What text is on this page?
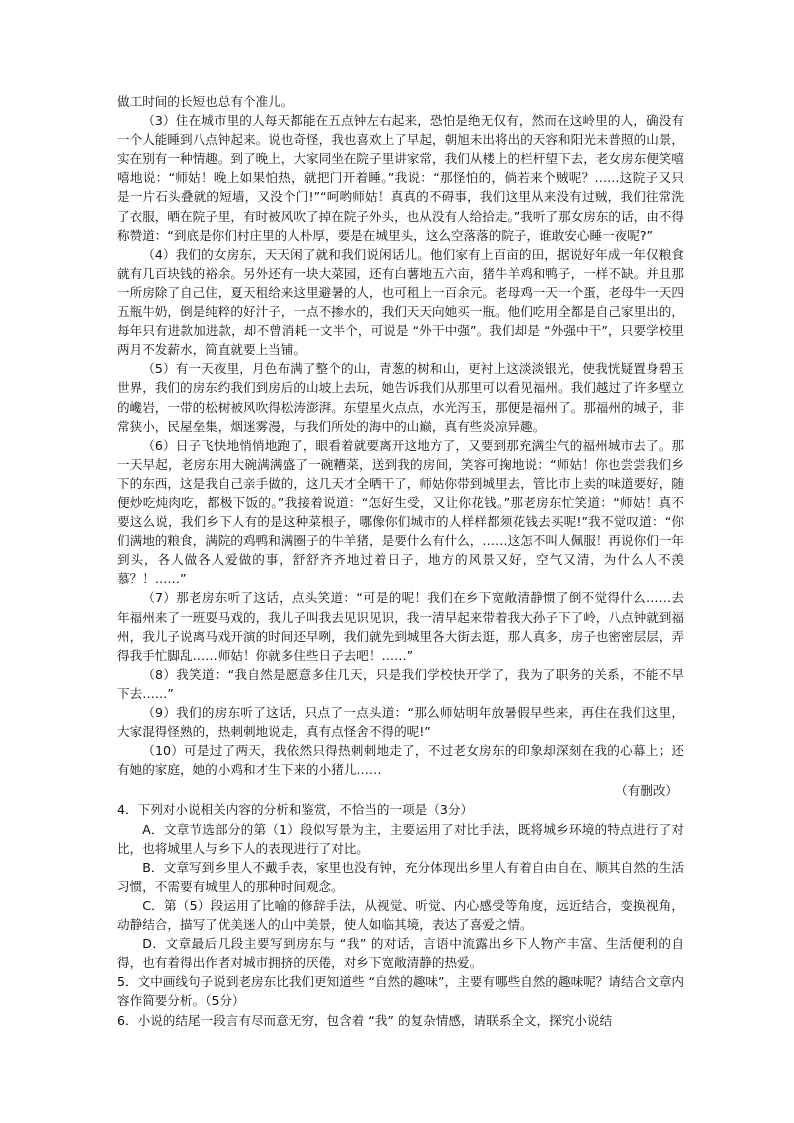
做工时间的长短也总有个准儿。

（3）住在城市里的人每天都能在五点钟左右起来，恐怕是绝无仅有，然而在这岭里的人，确没有一个人能睡到八点钟起来。说也奇怪，我也喜欢上了早起，朝旭未出将出的天容和阳光未普照的山景，实在别有一种情趣。到了晚上，大家同坐在院子里讲家常，我们从楼上的栏杆望下去，老女房东便笑嘻嘻地说：“师姑！晚上如果怕热，就把门开着睡。”我说：“那怪怕的，倘若来个贼呢？……这院子又只是一片石头叠就的短墙，又没个门!”“呵哟师姑！真真的不碍事，我们这里从来没有过贼，我们往常洗了衣服，晒在院子里，有时被风吹了掉在院子外头，也从没有人给拾走。”我听了那女房东的话，由不得称赞道：“到底是你们村庄里的人朴厚，要是在城里头，这么空落落的院子，谁敢安心睡一夜呢?”

（4）我们的女房东，天天闲了就和我们说闲话儿。他们家有上百亩的田，据说好年成一年仅粮食就有几百块钱的裕余。另外还有一块大菜园，还有白薯地五六亩，猪牛羊鸡和鸭子，一样不缺。并且那一所房除了自己住，夏天租给来这里避暑的人，也可租上一百余元。老母鸡一天一个蛋，老母牛一天四五瓶牛奶，倒是纯粹的好汁子，一点不掺水的，我们天天向她买一瓶。他们吃用全都是自己家里出的，每年只有进款加进款，却不曾消耗一文半个，可说是 “外干中强”。我们却是 “外强中干”，只要学校里两月不发薪水，简直就要上当铺。

（5）有一天夜里，月色布满了整个的山，青葱的树和山，更衬上这淡淡银光，使我恍疑置身碧玉世界，我们的房东约我们到房后的山坡上去玩，她告诉我们从那里可以看见福州。我们越过了许多壁立的巉岩，一带的松树被风吹得松涛澎湃。东望星火点点，水光泻玉，那便是福州了。那福州的城子，非常狭小，民屋垒集，烟迷雾漫，与我们所处的海中的山巅，真有些炎凉异趣。

（6）日子飞快地悄悄地跑了，眼看着就要离开这地方了，又要到那充满尘气的福州城市去了。那一天早起，老房东用大碗满满盛了一碗糟菜，送到我的房间，笑容可掬地说：“师姑！你也尝尝我们乡下的东西，这是我自己亲手做的，这几天才全晒干了，师姑你带到城里去，管比市上卖的味道要好，随便炒吃炖肉吃，都极下饭的。”我接着说道：“怎好生受，又让你花钱。”那老房东忙笑道：“师姑！真不要这么说，我们乡下人有的是这种菜根子，哪像你们城市的人样样都须花钱去买呢!”我不觉叹道：“你们满地的粮食，满院的鸡鸭和满圈子的牛羊猪，是要什么有什么，……这怎不叫人佩服！再说你们一年到头，各人做各人爱做的事，舒舒齐齐地过着日子，地方的风景又好，空气又清，为什么人不羡慕？！……”

（7）那老房东听了这话，点头笑道：“可是的呢！我们在乡下宽敞清静惯了倒不觉得什么……去年福州来了一班耍马戏的，我儿子叫我去见识见识，我一清早起来带着我大孙子下了岭，八点钟就到福州，我儿子说离马戏开演的时间还早咧，我们就先到城里各大街去逛，那人真多，房子也密密层层，弄得我手忙脚乱……师姑！你就多住些日子去吧！……”

（8）我笑道：“我自然是愿意多住几天，只是我们学校快开学了，我为了职务的关系，不能不早下去……”

（9）我们的房东听了这话，只点了一点头道：“那么师姑明年放暑假早些来，再住在我们这里，大家混得怪熟的，热刺刺地说走，真有点怪舍不得的呢!”

（10）可是过了两天，我依然只得热刺刺地走了，不过老女房东的印象却深刻在我的心幕上；还有她的家庭，她的小鸡和才生下来的小猪儿……

（有删改）

4．下列对小说相关内容的分析和鉴赏，不恰当的一项是（3分）

A．文章节选部分的第（1）段似写景为主，主要运用了对比手法，既将城乡环境的特点进行了对比，也将城里人与乡下人的表现进行了对比。

B．文章写到乡里人不戴手表，家里也没有钟，充分体现出乡里人有着自由自在、顺其自然的生活习惯，不需要有城里人的那种时间观念。

C．第（5）段运用了比喻的修辞手法，从视觉、听觉、内心感受等角度，远近结合，变换视角，动静结合，描写了优美迷人的山中美景，使人如临其境，表达了喜爱之情。

D．文章最后几段主要写到房东与 “我” 的对话，言语中流露出乡下人物产丰富、生活便利的自得，也有着得出作者对城市拥挤的厌倦，对乡下宽敞清静的热爱。

5．文中画线句子说到老房东比我们更知道些 “自然的趣味”，主要有哪些自然的趣味呢？请结合文章内容作简要分析。（5分）

6．小说的结尾一段言有尽而意无穷，包含着 “我” 的复杂情感，请联系全文，探究小说结
